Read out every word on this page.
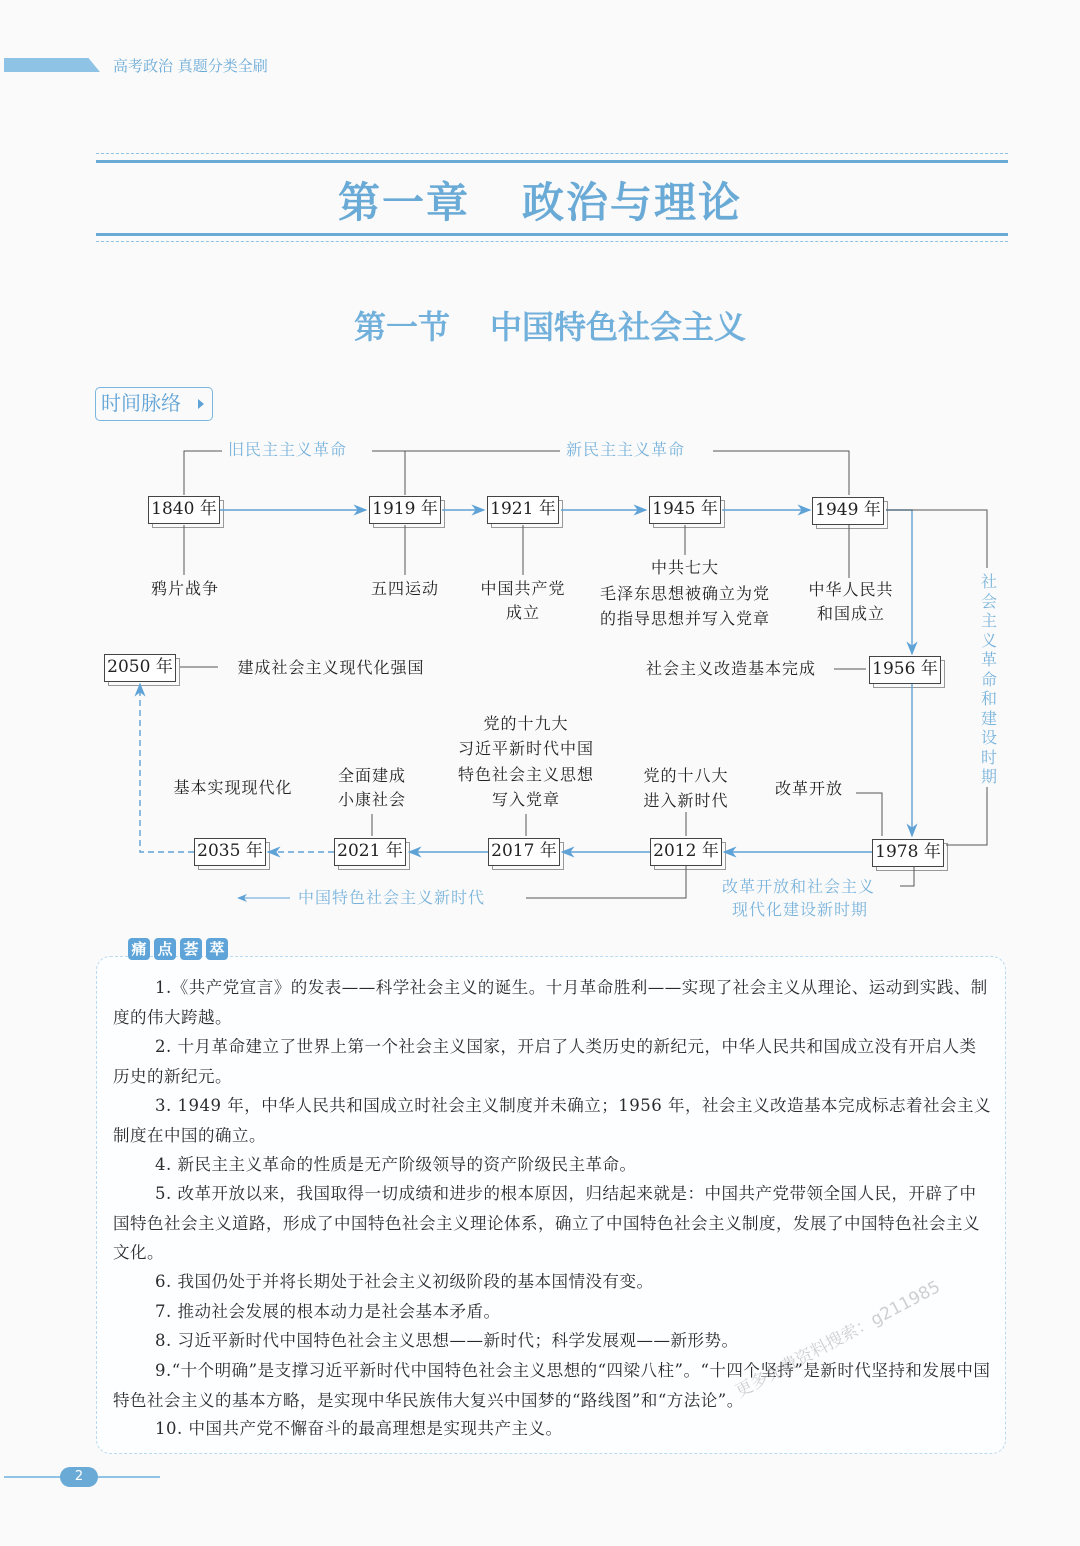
高考政治 真题分类全刷
第一章 政治与理论
第一节 中国特色社会主义
时间脉络
1840 年	1919 年	1921 年	1945 年	1949 年
1956 年
2050 年
1978 年
2012 年
2017 年
2021 年
2035 年
旧民主主义革命	新民主主义革命
社会主义革命和建设时期
改革开放和社会主义
现代化建设新时期
中国特色社会主义新时代
鸦片战争	五四运动	中国共产党
成立
中共七大
毛泽东思想被确立为党
的指导思想并写入党章
中华人民共
和国成立
社会主义改造基本完成
建成社会主义现代化强国
改革开放
党的十八大
进入新时代
党的十九大
习近平新时代中国
特色社会主义思想
写入党章
全面建成
小康社会
基本实现现代化
痛 点 荟 萃
1.《共产党宣言》的发表——科学社会主义的诞生。十月革命胜利——实现了社会主义从理论、运动到实践、制度的伟大跨越。
2. 十月革命建立了世界上第一个社会主义国家，开启了人类历史的新纪元，中华人民共和国成立没有开启人类历史的新纪元。
3. 1949 年，中华人民共和国成立时社会主义制度并未确立；1956 年，社会主义改造基本完成标志着社会主义制度在中国的确立。
4. 新民主主义革命的性质是无产阶级领导的资产阶级民主革命。
5. 改革开放以来，我国取得一切成绩和进步的根本原因，归结起来就是：中国共产党带领全国人民，开辟了中国特色社会主义道路，形成了中国特色社会主义理论体系，确立了中国特色社会主义制度，发展了中国特色社会主义文化。
6. 我国仍处于并将长期处于社会主义初级阶段的基本国情没有变。
7. 推动社会发展的根本动力是社会基本矛盾。
8. 习近平新时代中国特色社会主义思想——新时代；科学发展观——新形势。
9.“十个明确”是支撑习近平新时代中国特色社会主义思想的“四梁八柱”。“十四个坚持”是新时代坚持和发展中国特色社会主义的基本方略，是实现中华民族伟大复兴中国梦的“路线图”和“方法论”。
10. 中国共产党不懈奋斗的最高理想是实现共产主义。
更多免费资料搜索：g211985
2
